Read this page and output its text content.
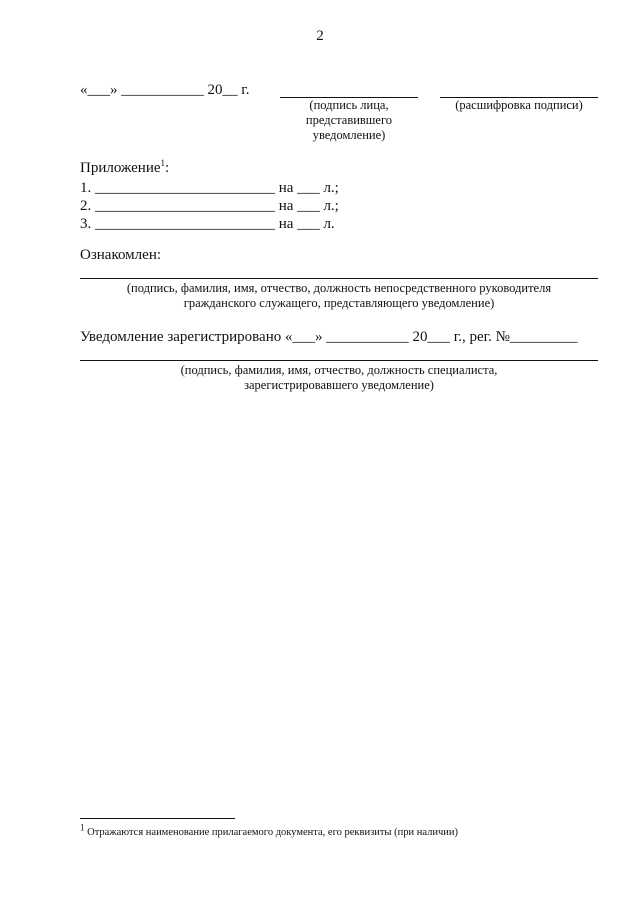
2
«___» ___________ 20__ г.
(подпись лица, представившего уведомление)
(расшифровка подписи)
Приложение$^1$:
1. ________________________ на ___ л.;
2. ________________________ на ___ л.;
3. ________________________ на ___ л.
Ознакомлен:
(подпись, фамилия, имя, отчество, должность непосредственного руководителя гражданского служащего, представляющего уведомление)
Уведомление зарегистрировано «___» ___________ 20___ г., рег. №_________
(подпись, фамилия, имя, отчество, должность специалиста, зарегистрировавшего уведомление)
$^1$ Отражаются наименование прилагаемого документа, его реквизиты (при наличии)
